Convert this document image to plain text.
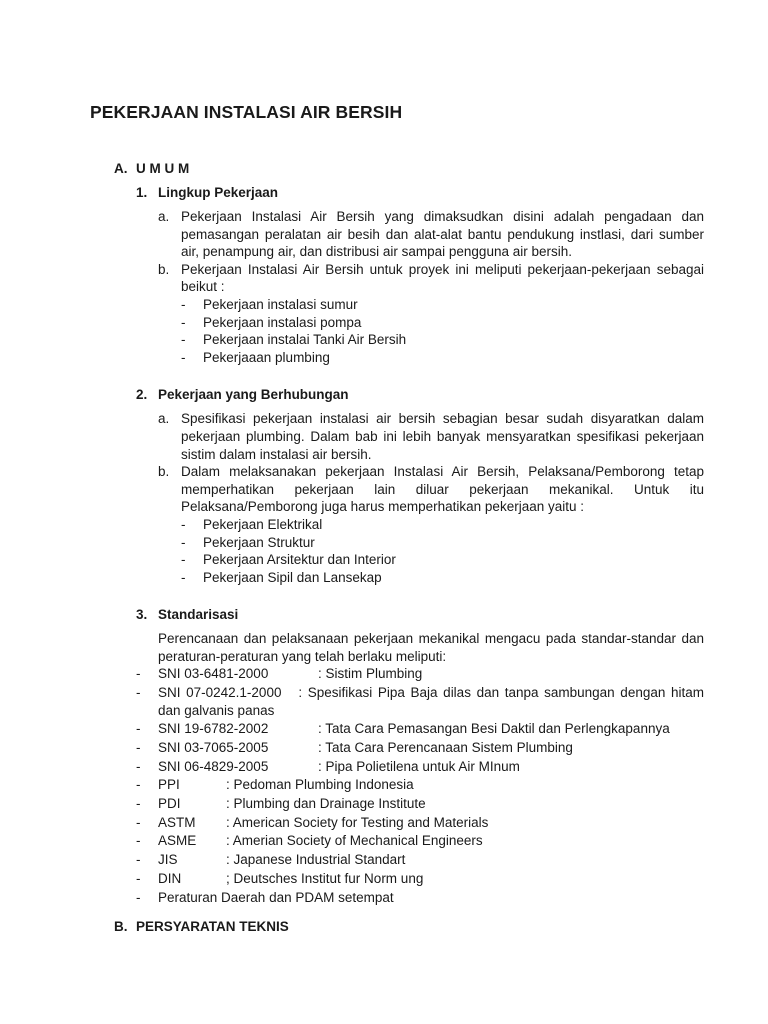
PEKERJAAN INSTALASI AIR BERSIH
A. U M U M
1. Lingkup Pekerjaan
a. Pekerjaan Instalasi Air Bersih yang dimaksudkan disini adalah pengadaan dan pemasangan peralatan air besih dan alat-alat bantu pendukung instlasi, dari sumber air, penampung air, dan distribusi air sampai pengguna air bersih.
b. Pekerjaan Instalasi Air Bersih untuk proyek ini meliputi pekerjaan-pekerjaan sebagai beikut :
-	Pekerjaan instalasi sumur
-	Pekerjaan instalasi pompa
-	Pekerjaan instalai Tanki Air Bersih
-	Pekerjaaan plumbing
2. Pekerjaan yang Berhubungan
a. Spesifikasi pekerjaan instalasi air bersih sebagian besar sudah disyaratkan dalam pekerjaan plumbing. Dalam bab ini lebih banyak mensyaratkan spesifikasi pekerjaan sistim dalam instalasi air bersih.
b. Dalam melaksanakan pekerjaan Instalasi Air Bersih, Pelaksana/Pemborong tetap memperhatikan pekerjaan lain diluar pekerjaan mekanikal. Untuk itu Pelaksana/Pemborong juga harus memperhatikan pekerjaan yaitu :
-	Pekerjaan Elektrikal
-	Pekerjaan Struktur
-	Pekerjaan Arsitektur dan Interior
-	Pekerjaan Sipil dan Lansekap
3. Standarisasi
Perencanaan dan pelaksanaan pekerjaan mekanikal mengacu pada standar-standar dan peraturan-peraturan yang telah berlaku meliputi:
-	SNI 03-6481-2000	: Sistim Plumbing
-	SNI 07-0242.1-2000 : Spesifikasi Pipa Baja dilas dan tanpa sambungan dengan hitam dan galvanis panas
-	SNI 19-6782-2002	: Tata Cara Pemasangan Besi Daktil dan Perlengkapannya
-	SNI 03-7065-2005	: Tata Cara Perencanaan Sistem Plumbing
-	SNI 06-4829-2005	: Pipa Polietilena untuk Air MInum
-	PPI	: Pedoman Plumbing Indonesia
-	PDI	: Plumbing dan Drainage Institute
-	ASTM	: American Society for Testing and Materials
-	ASME	: Amerian Society of Mechanical Engineers
-	JIS	: Japanese Industrial Standart
-	DIN	; Deutsches Institut fur Norm ung
-	Peraturan Daerah dan PDAM setempat
B. PERSYARATAN TEKNIS
